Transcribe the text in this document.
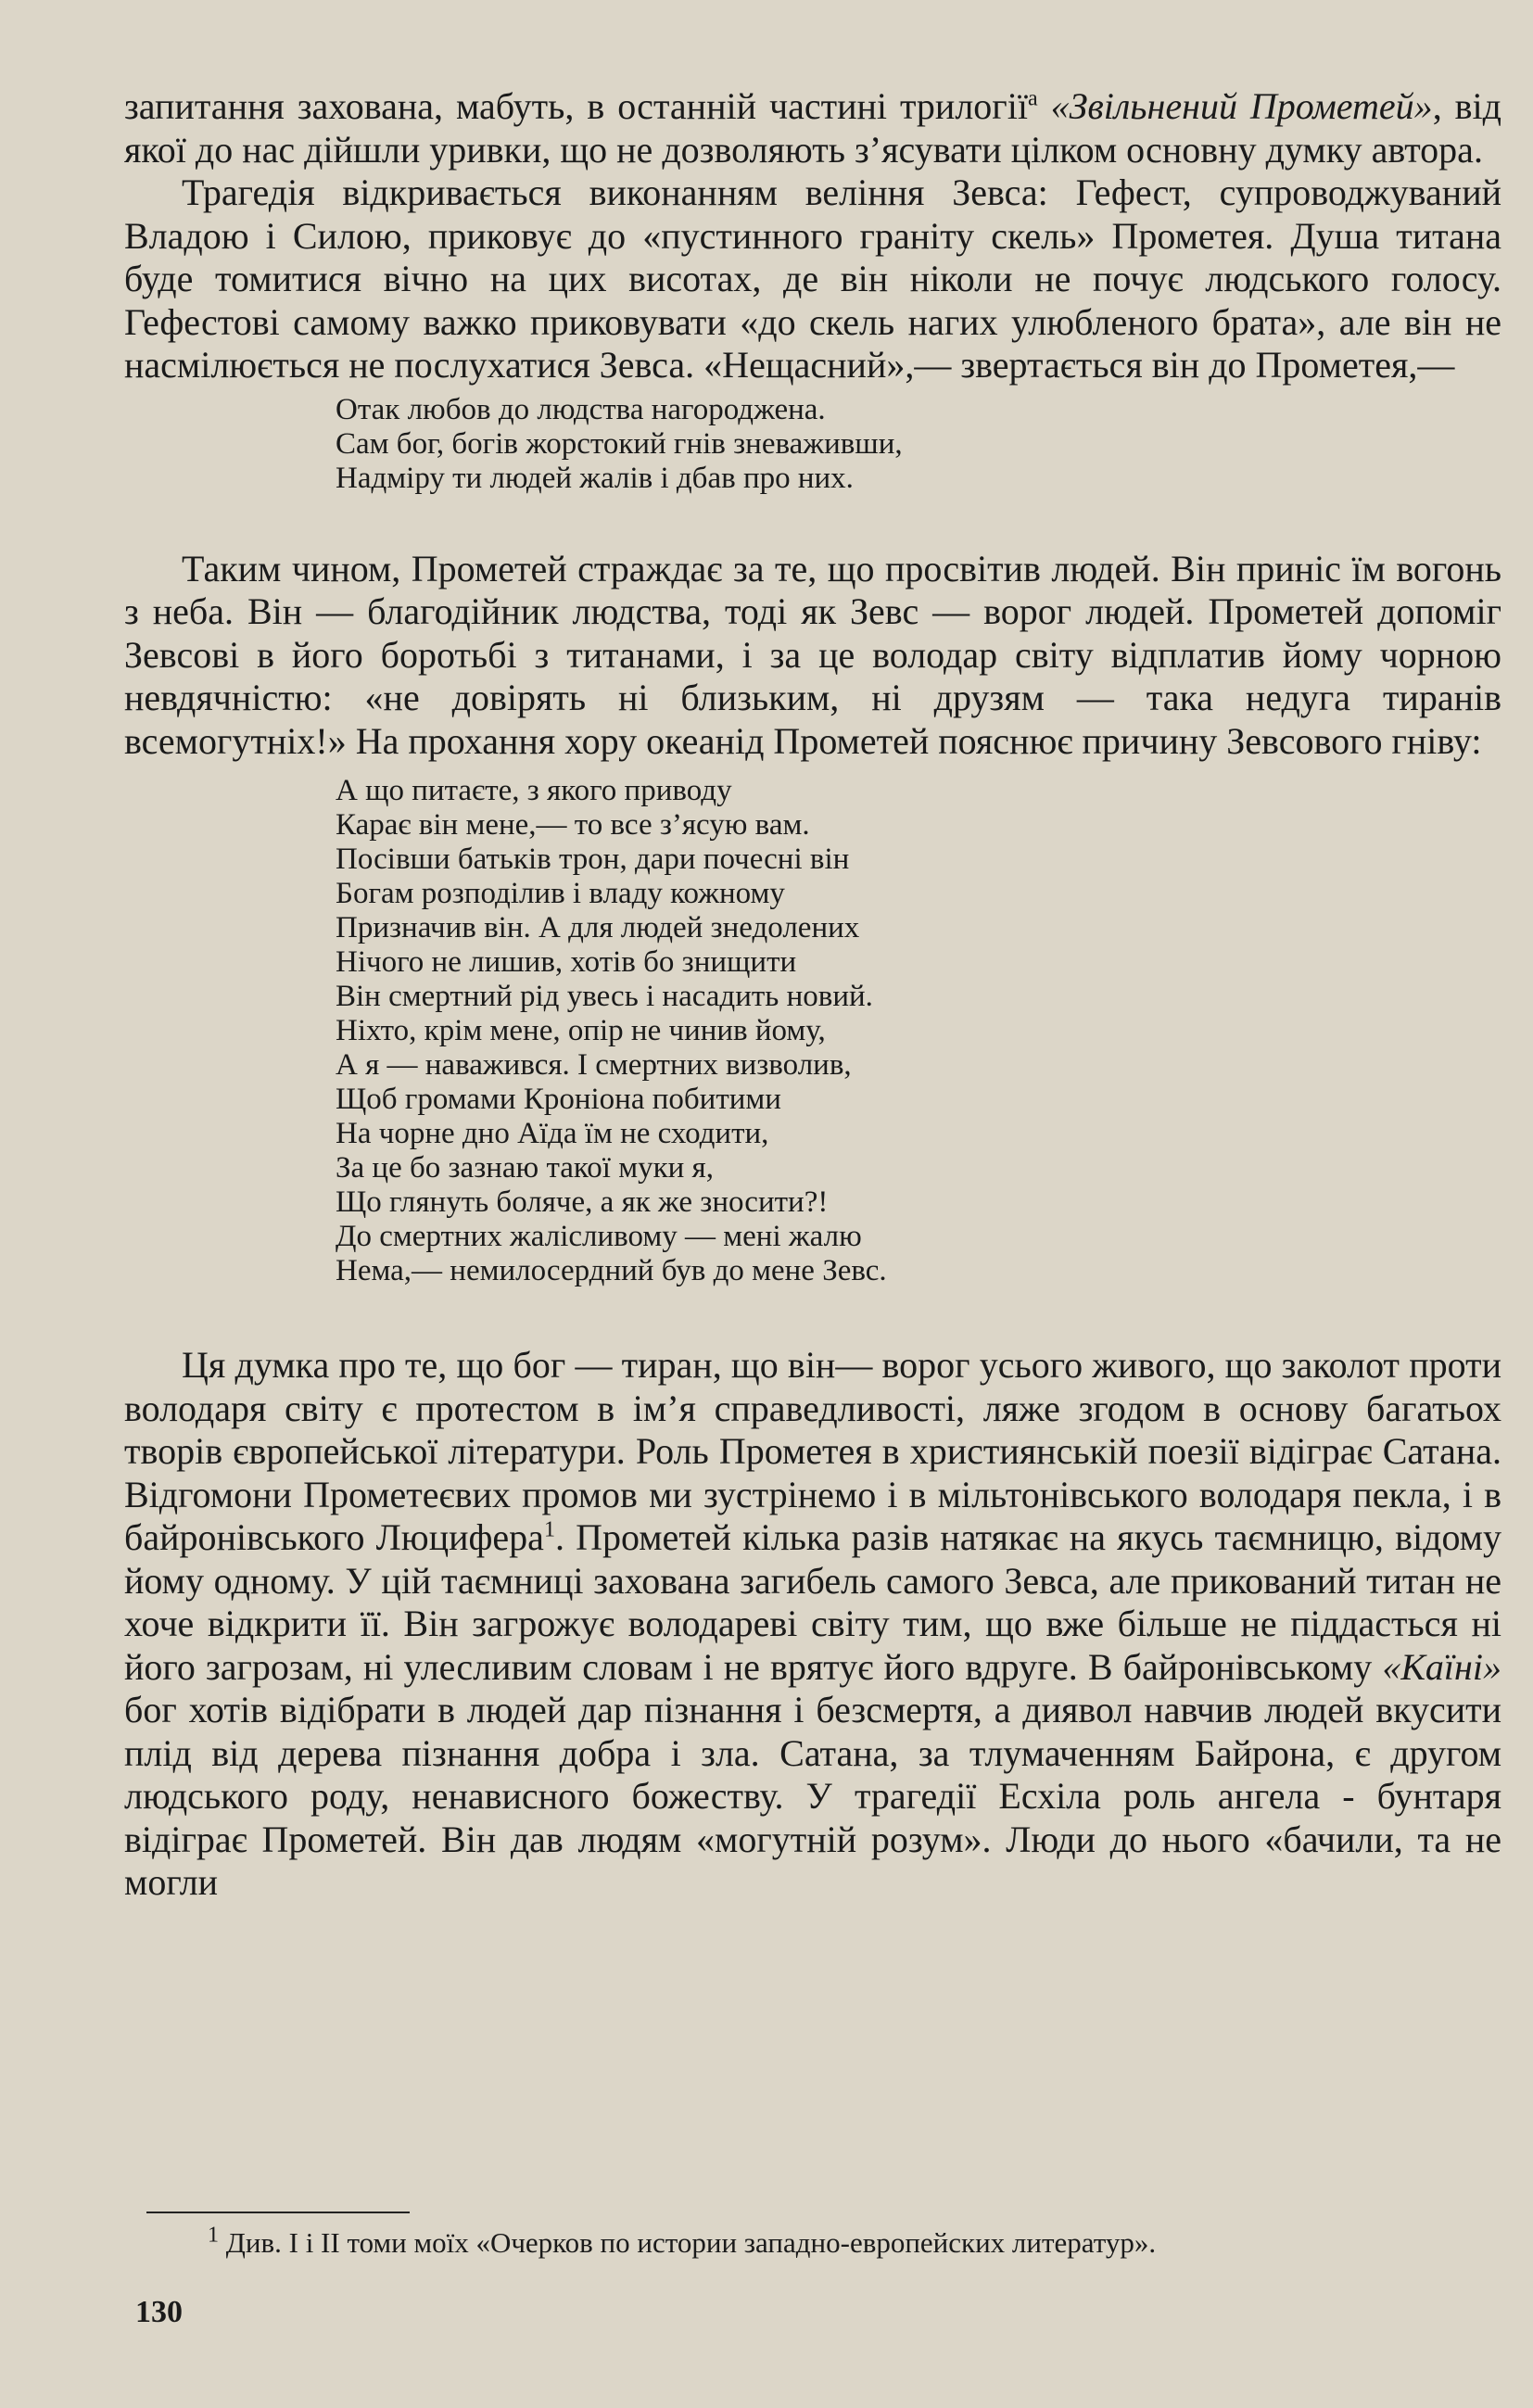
запитання захована, мабуть, в останній частині трилогії$^а$ «Звільнений Прометей», від якої до нас дійшли уривки, що не дозволяють з’ясувати цілком основну думку автора.

Трагедія відкривається виконанням веління Зевса: Гефест, супроводжуваний Владою і Силою, приковує до «пустинного граніту скель» Прометея. Душа титана буде томитися вічно на цих висотах, де він ніколи не почує людського голосу. Гефестові самому важко приковувати «до скель нагих улюбленого брата», але він не насмілюється не послухатися Зевса. «Нещасний»,— звертається він до Прометея,—

Отак любов до людства нагороджена.
Сам бог, богів жорстокий гнів зневаживши,
Надміру ти людей жалів і дбав про них.

Таким чином, Прометей страждає за те, що просвітив людей. Він приніс їм вогонь з неба. Він — благодійник людства, тоді як Зевс — ворог людей. Прометей допоміг Зевсові в його боротьбі з титанами, і за це володар світу відплатив йому чорною невдячністю: «не довірять ні близьким, ні друзям — така недуга тиранів всемогутніх!» На прохання хору океанід Прометей пояснює причину Зевсового гніву:

А що питаєте, з якого приводу
Карає він мене,— то все з’ясую вам.
Посівши батьків трон, дари почесні він
Богам розподілив і владу кожному
Призначив він. А для людей знедолених
Нічого не лишив, хотів бо знищити
Він смертний рід увесь і насадить новий.
Ніхто, крім мене, опір не чинив йому,
А я — наважився. І смертних визволив,
Щоб громами Кроніона побитими
На чорне дно Аїда їм не сходити,
За це бо зазнаю такої муки я,
Що глянуть боляче, а як же зносити?!
До смертних жалісливому — мені жалю
Нема,— немилосердний був до мене Зевс.

Ця думка про те, що бог — тиран, що він— ворог усього живого, що заколот проти володаря світу є протестом в ім’я справедливості, ляже згодом в основу багатьох творів європейської літератури. Роль Прометея в християнській поезії відіграє Сатана. Відгомони Прометеєвих промов ми зустрінемо і в мільтонівського володаря пекла, і в байронівського Люцифера$^1$. Прометей кілька разів натякає на якусь таємницю, відому йому одному. У цій таємниці захована загибель самого Зевса, але прикований титан не хоче відкрити її. Він загрожує володареві світу тим, що вже більше не піддасться ні його загрозам, ні улесливим словам і не врятує його вдруге. В байронівському «Каїні» бог хотів відібрати в людей дар пізнання і безсмертя, а диявол навчив людей вкусити плід від дерева пізнання добра і зла. Сатана, за тлумаченням Байрона, є другом людського роду, ненависного божеству. У трагедії Есхіла роль ангела - бунтаря відіграє Прометей. Він дав людям «могутній розум». Люди до нього «бачили, та не могли

$^1$ Див. I і II томи моїх «Очерков по истории западно-европейских литератур».
130
